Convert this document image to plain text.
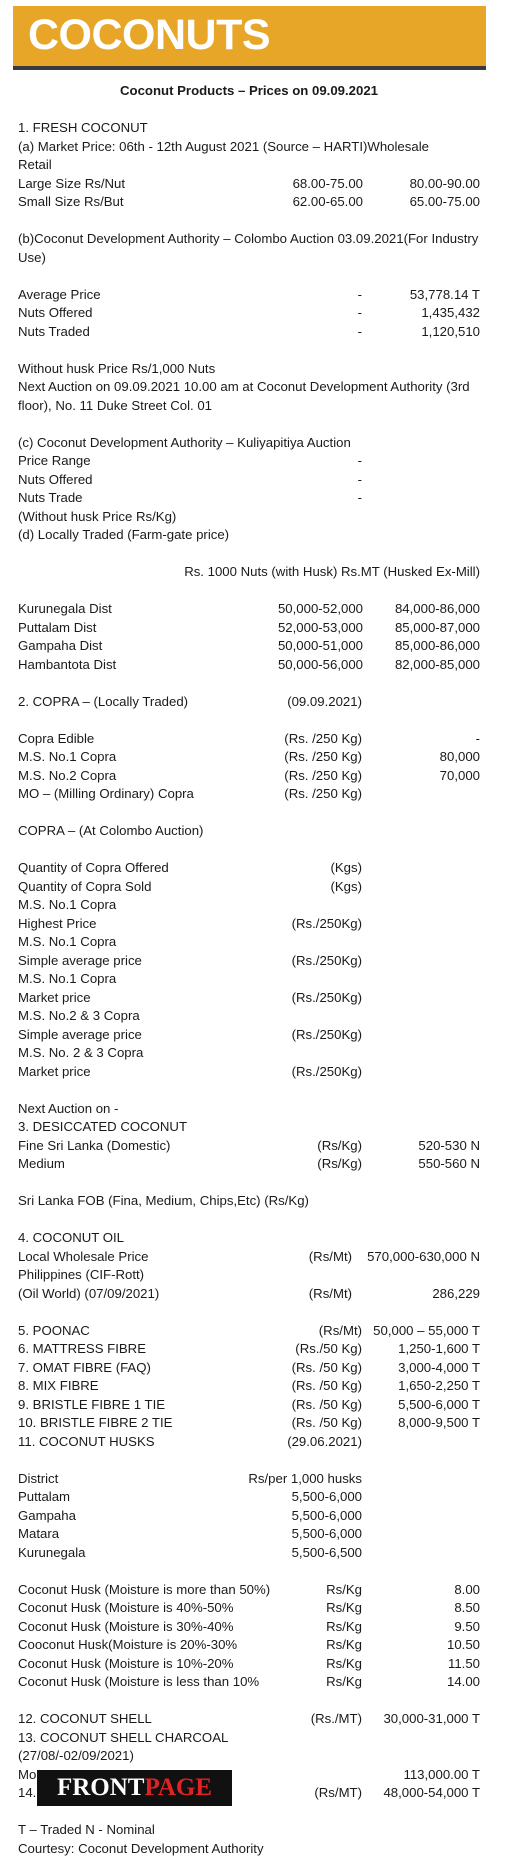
COCONUTS
Coconut Products – Prices on 09.09.2021
1. FRESH COCONUT
(a) Market Price: 06th - 12th August 2021 (Source – HARTI)Wholesale
Retail
Large Size Rs/Nut	68.00-75.00	80.00-90.00
Small Size Rs/But	62.00-65.00	65.00-75.00
(b)Coconut Development Authority – Colombo Auction 03.09.2021(For Industry Use)
Average Price	-	53,778.14 T
Nuts Offered	-	1,435,432
Nuts Traded	-	1,120,510
Without husk Price Rs/1,000 Nuts
Next Auction on 09.09.2021 10.00 am at Coconut Development Authority (3rd floor), No. 11 Duke Street Col. 01
(c) Coconut Development Authority – Kuliyapitiya Auction
Price Range	-
Nuts Offered	-
Nuts Trade	-
(Without husk Price Rs/Kg)
(d) Locally Traded (Farm-gate price)
Rs. 1000 Nuts (with Husk) Rs.MT (Husked Ex-Mill)
Kurunegala Dist	50,000-52,000 84,000-86,000
Puttalam Dist	52,000-53,000 85,000-87,000
Gampaha Dist	50,000-51,000 85,000-86,000
Hambantota Dist	50,000-56,000 82,000-85,000
2. COPRA – (Locally Traded)	(09.09.2021)
Copra Edible	(Rs. /250 Kg)	-
M.S. No.1 Copra	(Rs. /250 Kg)	80,000
M.S. No.2 Copra	(Rs. /250 Kg)	70,000
MO – (Milling Ordinary) Copra	(Rs. /250 Kg)
COPRA – (At Colombo Auction)
Quantity of Copra Offered	(Kgs)
Quantity of Copra Sold	(Kgs)
M.S. No.1 Copra
Highest Price	(Rs./250Kg)
M.S. No.1 Copra
Simple average price	(Rs./250Kg)
M.S. No.1 Copra
Market price	(Rs./250Kg)
M.S. No.2 & 3 Copra
Simple average price	(Rs./250Kg)
M.S. No. 2 & 3 Copra
Market price	(Rs./250Kg)
Next Auction on -
3. DESICCATED COCONUT
Fine Sri Lanka (Domestic)	(Rs/Kg)	520-530 N
Medium	(Rs/Kg)	550-560 N
Sri Lanka FOB (Fina, Medium, Chips,Etc) (Rs/Kg)
4. COCONUT OIL
Local Wholesale Price	(Rs/Mt) 570,000-630,000 N
Philippines (CIF-Rott)
(Oil World) (07/09/2021)	(Rs/Mt)	286,229
5. POONAC	(Rs/Mt) 50,000 – 55,000 T
6. MATTRESS FIBRE	(Rs./50 Kg)	1,250-1,600 T
7. OMAT FIBRE (FAQ)	(Rs. /50 Kg)	3,000-4,000 T
8. MIX FIBRE	(Rs. /50 Kg)	1,650-2,250 T
9. BRISTLE FIBRE 1 TIE	(Rs. /50 Kg)	5,500-6,000 T
10. BRISTLE FIBRE 2 TIE	(Rs. /50 Kg)	8,000-9,500 T
11. COCONUT HUSKS	(29.06.2021)
District	Rs/per 1,000 husks
Puttalam	5,500-6,000
Gampaha	5,500-6,000
Matara	5,500-6,000
Kurunegala	5,500-6,500
Coconut Husk (Moisture is more than 50%)	Rs/Kg	8.00
Coconut Husk (Moisture is 40%-50%	Rs/Kg	8.50
Coconut Husk (Moisture is 30%-40%	Rs/Kg	9.50
Cooconut Husk(Moisture is 20%-30%	Rs/Kg	10.50
Coconut Husk (Moisture is 10%-20%	Rs/Kg	11.50
Coconut Husk (Moisture is less than 10%	Rs/Kg	14.00
12. COCONUT SHELL	(Rs./MT) 30,000-31,000 T
13. COCONUT SHELL CHARCOAL
(27/08/-02/09/2021)
Mo	113,000.00 T
14.	(Rs/MT) 48,000-54,000 T
T – Traded N - Nominal
Courtesy: Coconut Development Authority
FRONTPAGE
